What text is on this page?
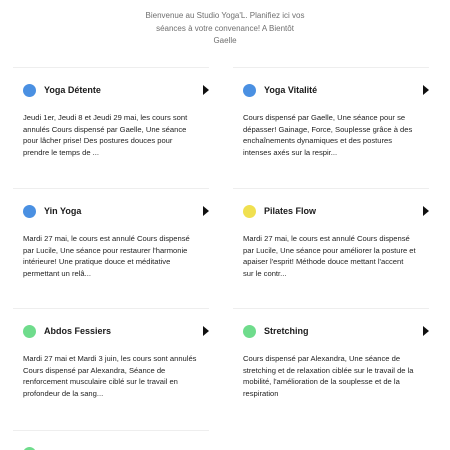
Bienvenue au Studio Yoga'L. Planifiez ici vos
séances à votre convenance! A Bientôt
Gaelle
Yoga Détente
Jeudi 1er, Jeudi 8 et Jeudi 29 mai, les cours sont
annulés Cours dispensé par Gaelle, Une séance
pour lâcher prise! Des postures douces pour
prendre le temps de ...
Yoga Vitalité
Cours dispensé par Gaelle, Une séance pour se
dépasser! Gainage, Force, Souplesse grâce à des
enchaînements dynamiques et des postures
intenses axés sur la respir...
Yin Yoga
Mardi 27 mai, le cours est annulé Cours dispensé
par Lucile, Une séance pour restaurer l'harmonie
intérieure! Une pratique douce et méditative
permettant un relâ...
Pilates Flow
Mardi 27 mai, le cours est annulé Cours dispensé
par Lucile, Une séance pour améliorer la posture et
apaiser l'esprit! Méthode douce mettant l'accent
sur le contr...
Abdos Fessiers
Mardi 27 mai et Mardi 3 juin, les cours sont annulés
Cours dispensé par Alexandra, Séance de
renforcement musculaire ciblé sur le travail en
profondeur de la sang...
Stretching
Cours dispensé par Alexandra, Une séance de
stretching et de relaxation ciblée sur le travail de la
mobilité, l'amélioration de la souplesse et de la
respiration
